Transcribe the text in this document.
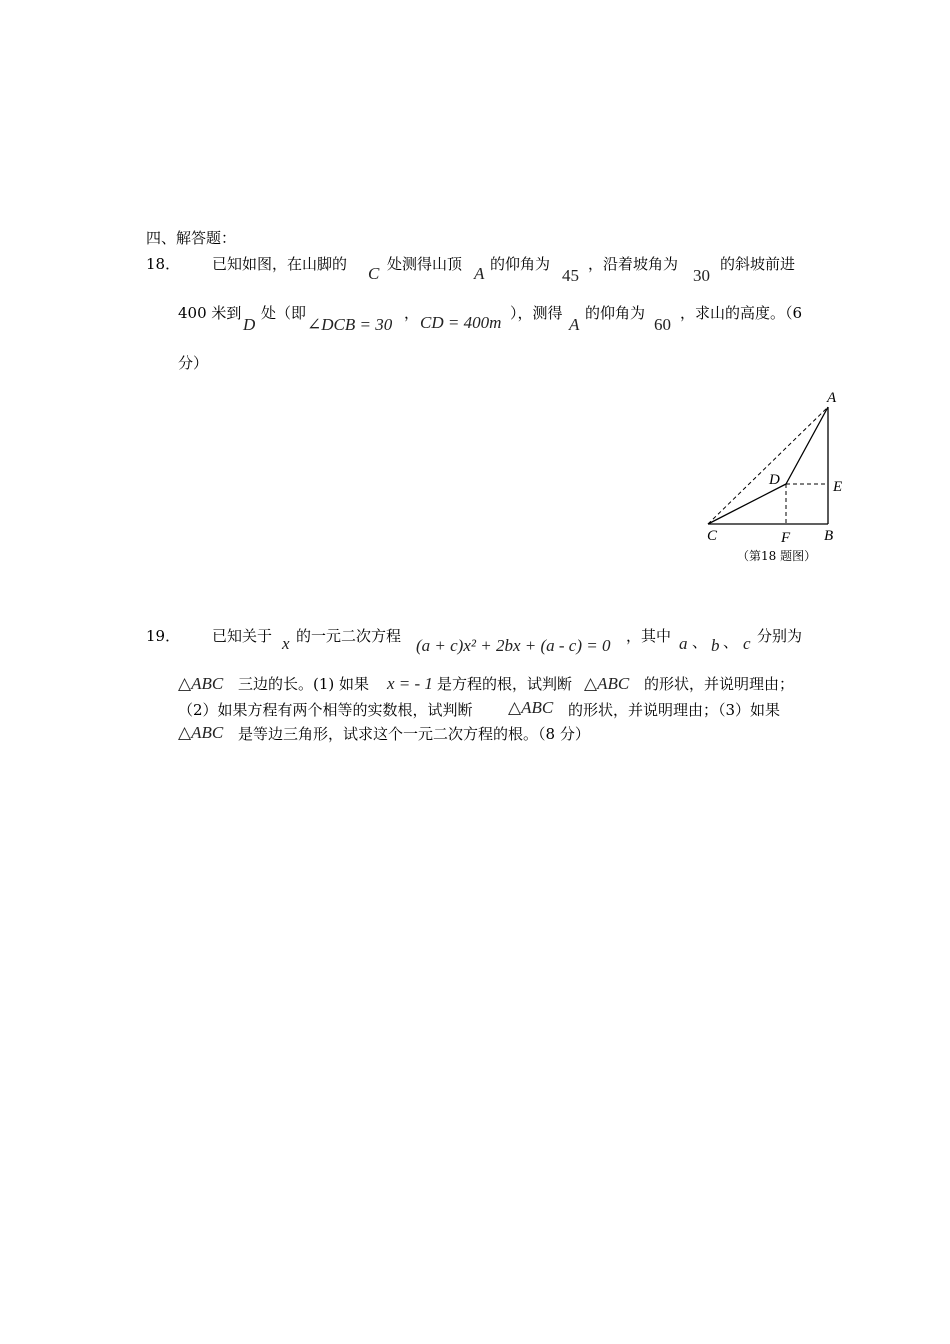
四、解答题：
18． 已知如图，在山脚的 C 处测得山顶 A 的仰角为
45
，沿着坡角为
30
的斜坡前进
400 米到
D
处（即
∠DCB = 30
， CD = 400m ），测得
A
的仰角为
60
，求山的高度。（6
分）
A
D	E
C	F B
（第18 题图）
19． 已知关于 x 的一元二次方程 (a + c)x² + 2bx + (a - c) = 0 ，其中 a 、 b 、 c 分别为
△ABC 三边的长。(1) 如果 x = - 1 是方程的根，试判断 △ABC 的形状，并说明理由；
（2）如果方程有两个相等的实数根，试判断 △ABC 的形状，并说明理由；（3）如果
△ABC 是等边三角形，试求这个一元二次方程的根。（8 分）
